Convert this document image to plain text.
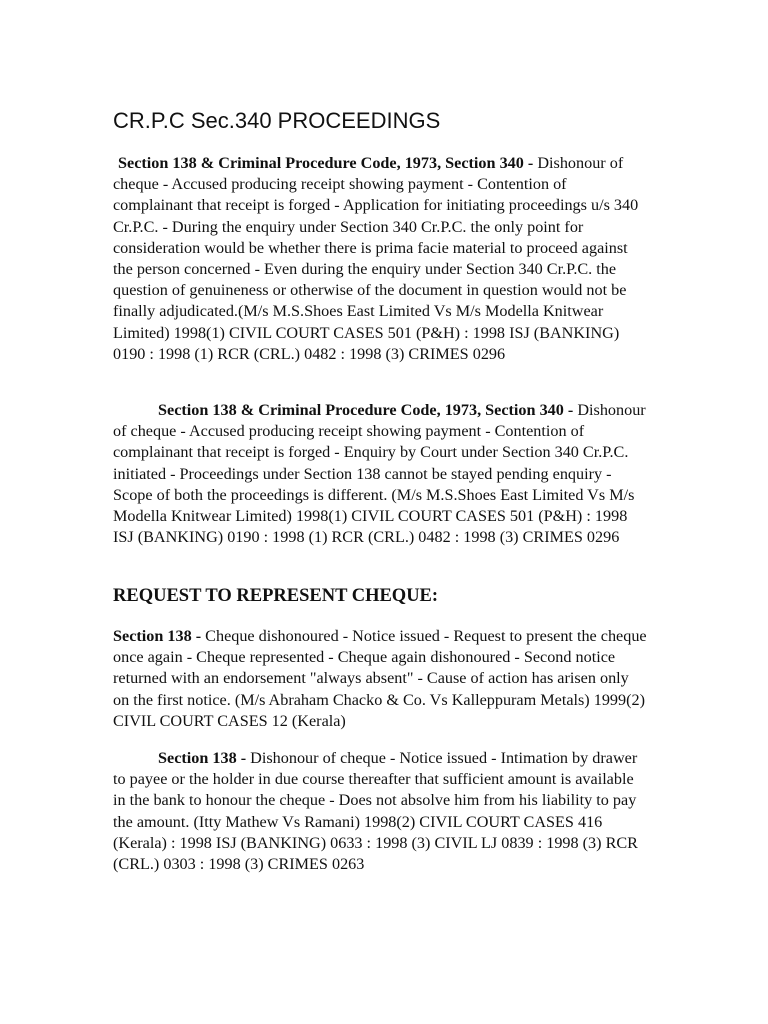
CR.P.C Sec.340 PROCEEDINGS

Section 138 & Criminal Procedure Code, 1973, Section 340 - Dishonour of cheque - Accused producing receipt showing payment - Contention of complainant that receipt is forged - Application for initiating proceedings u/s 340 Cr.P.C. - During the enquiry under Section 340 Cr.P.C. the only point for consideration would be whether there is prima facie material to proceed against the person concerned - Even during the enquiry under Section 340 Cr.P.C. the question of genuineness or otherwise of the document in question would not be finally adjudicated.(M/s M.S.Shoes East Limited Vs M/s Modella Knitwear Limited) 1998(1) CIVIL COURT CASES 501 (P&H) : 1998 ISJ (BANKING) 0190 : 1998 (1) RCR (CRL.) 0482 : 1998 (3) CRIMES 0296

Section 138 & Criminal Procedure Code, 1973, Section 340 - Dishonour of cheque - Accused producing receipt showing payment - Contention of complainant that receipt is forged - Enquiry by Court under Section 340 Cr.P.C. initiated - Proceedings under Section 138 cannot be stayed pending enquiry - Scope of both the proceedings is different. (M/s M.S.Shoes East Limited Vs M/s Modella Knitwear Limited) 1998(1) CIVIL COURT CASES 501 (P&H) : 1998 ISJ (BANKING) 0190 : 1998 (1) RCR (CRL.) 0482 : 1998 (3) CRIMES 0296

REQUEST TO REPRESENT CHEQUE:

Section 138 - Cheque dishonoured - Notice issued - Request to present the cheque once again - Cheque represented - Cheque again dishonoured - Second notice returned with an endorsement "always absent" - Cause of action has arisen only on the first notice. (M/s Abraham Chacko & Co. Vs Kalleppuram Metals) 1999(2) CIVIL COURT CASES 12 (Kerala)

Section 138 - Dishonour of cheque - Notice issued - Intimation by drawer to payee or the holder in due course thereafter that sufficient amount is available in the bank to honour the cheque - Does not absolve him from his liability to pay the amount. (Itty Mathew Vs Ramani) 1998(2) CIVIL COURT CASES 416 (Kerala) : 1998 ISJ (BANKING) 0633 : 1998 (3) CIVIL LJ 0839 : 1998 (3) RCR (CRL.) 0303 : 1998 (3) CRIMES 0263
